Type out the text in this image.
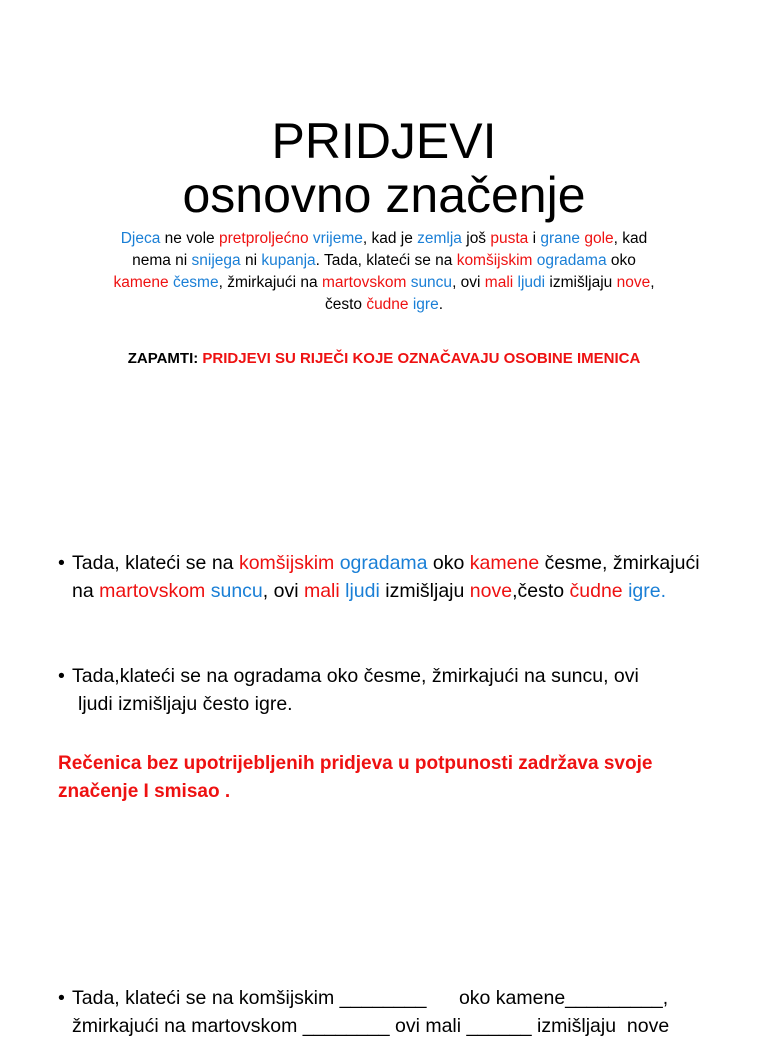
PRIDJEVI
osnovno značenje
Djeca ne vole pretproljećno vrijeme, kad je zemlja još pusta i grane gole, kad nema ni snijega ni kupanja. Tada, klateći se na komšijskim ogradama oko kamene česme, žmirkajući na martovskom suncu, ovi mali ljudi izmišljaju nove, često čudne igre.
ZAPAMTI: PRIDJEVI SU RIJEČI KOJE OZNAČAVAJU OSOBINE IMENICA
• Tada, klateći se na komšijskim ogradama oko kamene česme, žmirkajući na martovskom suncu, ovi mali ljudi izmišljaju nove,često čudne igre.
• Tada,klateći se na ogradama oko česme, žmirkajući na suncu, ovi
ljudi izmišljaju često igre.
Rečenica bez upotrijebljenih pridjeva u potpunosti zadržava svoje značenje I smisao .
• Tada, klateći se na komšijskim ________      oko kamene_________,
žmirkajući na martovskom ________ ovi mali ______ izmišljaju  nove
